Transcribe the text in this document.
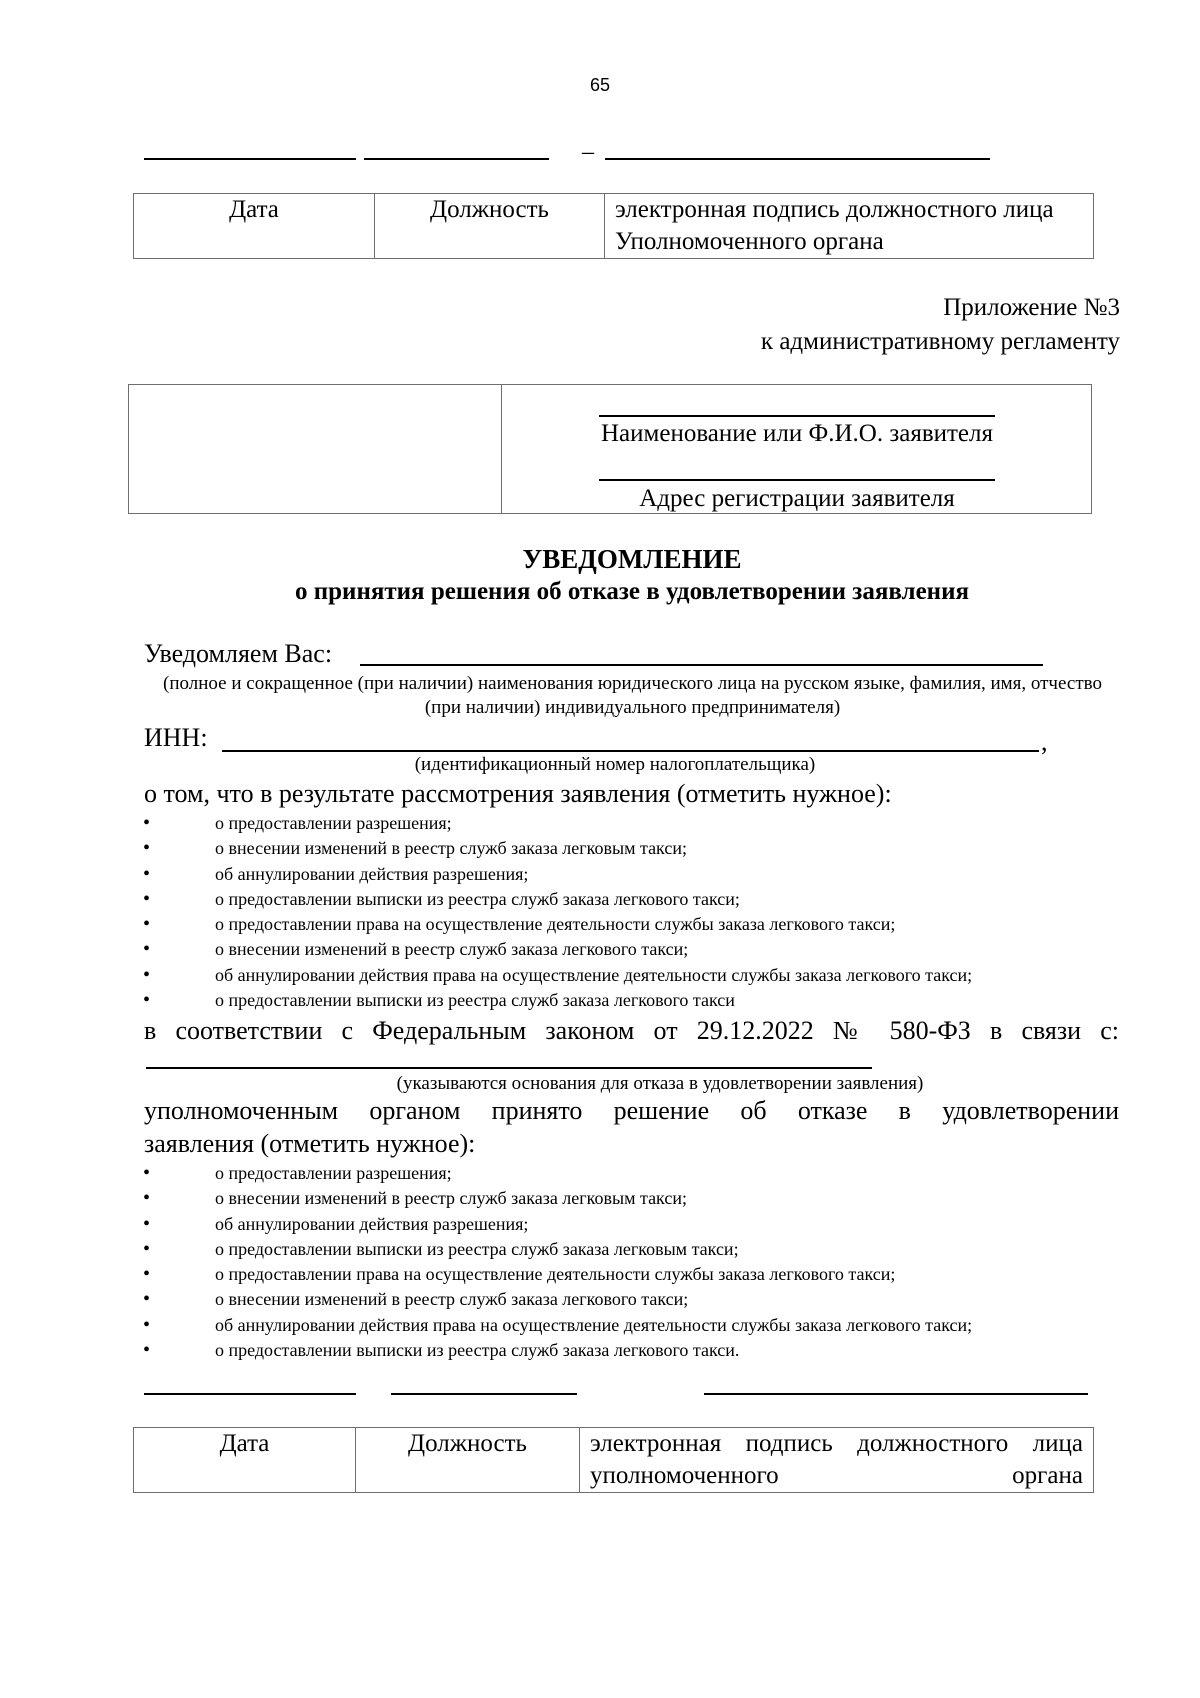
65
_
Дата	Должность	электронная подпись должностного лица Уполномоченного органа
Приложение №3
к административному регламенту

Наименование или Ф.И.О. заявителя
Адрес регистрации заявителя
УВЕДОМЛЕНИЕ
о принятия решения об отказе в удовлетворении заявления
Уведомляем Вас:
(полное и сокращенное (при наличии) наименования юридического лица на русском языке, фамилия, имя, отчество (при наличии) индивидуального предпринимателя)
ИНН:	,
(идентификационный номер налогоплательщика)
о том, что в результате рассмотрения заявления (отметить нужное):
• о предоставлении разрешения;
• о внесении изменений в реестр служб заказа легковым такси;
• об аннулировании действия разрешения;
• о предоставлении выписки из реестра служб заказа легкового такси;
• о предоставлении права на осуществление деятельности службы заказа легкового такси;
• о внесении изменений в реестр служб заказа легкового такси;
• об аннулировании действия права на осуществление деятельности службы заказа легкового такси;
• о предоставлении выписки из реестра служб заказа легкового такси
в соответствии с Федеральным законом от 29.12.2022 № 580-ФЗ в связи с:
(указываются основания для отказа в удовлетворении заявления)
уполномоченным органом принято решение об отказе в удовлетворении
заявления (отметить нужное):
• о предоставлении разрешения;
• о внесении изменений в реестр служб заказа легковым такси;
• об аннулировании действия разрешения;
• о предоставлении выписки из реестра служб заказа легковым такси;
• о предоставлении права на осуществление деятельности службы заказа легкового такси;
• о внесении изменений в реестр служб заказа легкового такси;
• об аннулировании действия права на осуществление деятельности службы заказа легкового такси;
• о предоставлении выписки из реестра служб заказа легкового такси.
Дата	Должность	электронная подпись должностного лица уполномоченного органа
